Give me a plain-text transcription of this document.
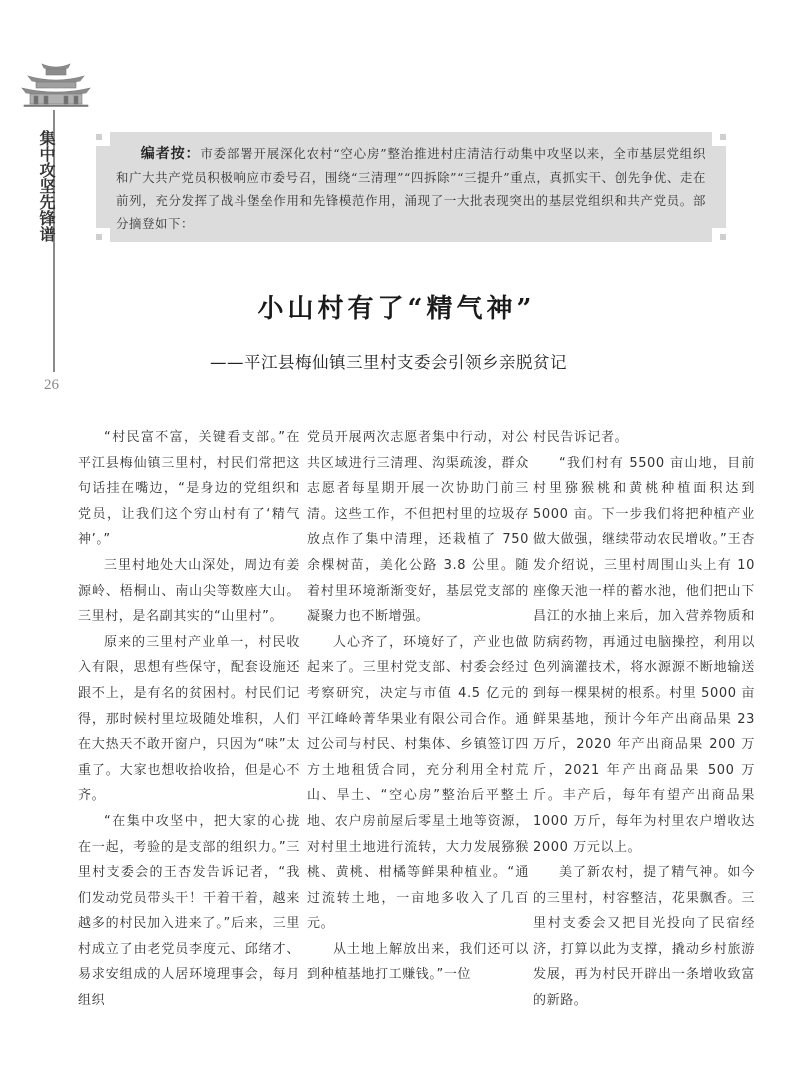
集中攻坚先锋谱
26
编者按：市委部署开展深化农村“空心房”整治推进村庄清洁行动集中攻坚以来，全市基层党组织和广大共产党员积极响应市委号召，围绕“三清理”“四拆除”“三提升”重点，真抓实干、创先争优、走在前列，充分发挥了战斗堡垒作用和先锋模范作用，涌现了一大批表现突出的基层党组织和共产党员。部分摘登如下：
小山村有了“精气神”
——平江县梅仙镇三里村支委会引领乡亲脱贫记

“村民富不富，关键看支部。”在平江县梅仙镇三里村，村民们常把这句话挂在嘴边，“是身边的党组织和党员，让我们这个穷山村有了‘精气神’。”

三里村地处大山深处，周边有姜源岭、梧桐山、南山尖等数座大山。三里村，是名副其实的“山里村”。

原来的三里村产业单一，村民收入有限，思想有些保守，配套设施还跟不上，是有名的贫困村。村民们记得，那时候村里垃圾随处堆积，人们在大热天不敢开窗户，只因为“味”太重了。大家也想收拾收拾，但是心不齐。

“在集中攻坚中，把大家的心拢在一起，考验的是支部的组织力。”三里村支委会的王杏发告诉记者，“我们发动党员带头干！干着干着，越来越多的村民加入进来了。”后来，三里村成立了由老党员李度元、邱绪才、易求安组成的人居环境理事会，每月组织

党员开展两次志愿者集中行动，对公共区域进行三清理、沟渠疏浚，群众志愿者每星期开展一次协助门前三清。这些工作，不但把村里的垃圾存放点作了集中清理，还栽植了 750 余棵树苗，美化公路 3.8 公里。随着村里环境渐渐变好，基层党支部的凝聚力也不断增强。

人心齐了，环境好了，产业也做起来了。三里村党支部、村委会经过考察研究，决定与市值 4.5 亿元的平江峰岭菁华果业有限公司合作。通过公司与村民、村集体、乡镇签订四方土地租赁合同，充分利用全村荒山、旱土、“空心房”整治后平整土地、农户房前屋后零星土地等资源，对村里土地进行流转，大力发展猕猴桃、黄桃、柑橘等鲜果种植业。“通过流转土地，一亩地多收入了几百元。

从土地上解放出来，我们还可以到种植基地打工赚钱。”一位

村民告诉记者。

“我们村有 5500 亩山地，目前村里猕猴桃和黄桃种植面积达到 5000 亩。下一步我们将把种植产业做大做强，继续带动农民增收。”王杏发介绍说，三里村周围山头上有 10 座像天池一样的蓄水池，他们把山下昌江的水抽上来后，加入营养物质和防病药物，再通过电脑操控，利用以色列滴灌技术，将水源源不断地输送到每一棵果树的根系。村里 5000 亩鲜果基地，预计今年产出商品果 23 万斤，2020 年产出商品果 200 万斤，2021 年产出商品果 500 万斤。丰产后，每年有望产出商品果 1000 万斤，每年为村里农户增收达 2000 万元以上。

美了新农村，提了精气神。如今的三里村，村容整洁，花果飘香。三里村支委会又把目光投向了民宿经济，打算以此为支撑，撬动乡村旅游发展，再为村民开辟出一条增收致富的新路。
